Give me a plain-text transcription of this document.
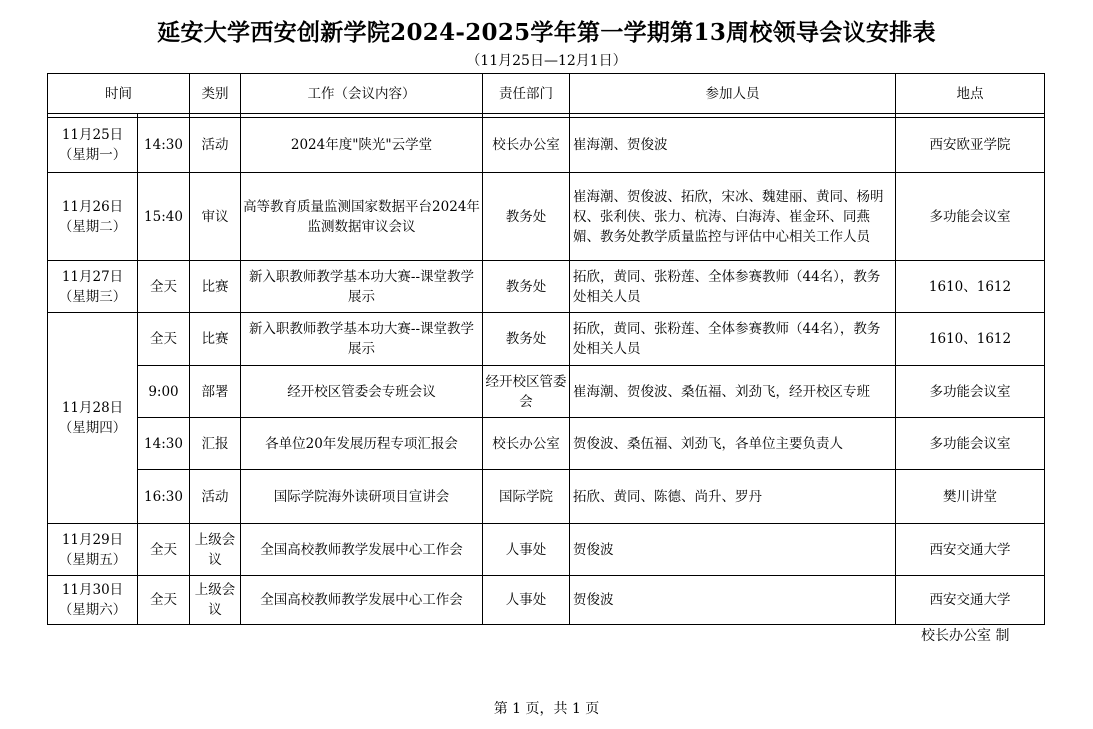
延安大学西安创新学院2024-2025学年第一学期第13周校领导会议安排表
（11月25日—12月1日）
时间		类别	工作（会议内容）	责任部门	参加人员	地点

11月25日
（星期一）	14:30	活动	2024年度"陕光"云学堂	校长办公室	崔海潮、贺俊波	西安欧亚学院

11月26日
（星期二）	15:40	审议	高等教育质量监测国家数据平台2024年监测数据审议会议	教务处	崔海潮、贺俊波、拓欣，宋冰、魏建丽、黄同、杨明权、张利侠、张力、杭涛、白海涛、崔金环、同燕媚、教务处教学质量监控与评估中心相关工作人员	多功能会议室

11月27日
（星期三）	全天	比赛	新入职教师教学基本功大赛--课堂教学展示	教务处	拓欣，黄同、张粉莲、全体参赛教师（44名），教务处相关人员	1610、1612

11月28日
（星期四）	全天	比赛	新入职教师教学基本功大赛--课堂教学展示	教务处	拓欣，黄同、张粉莲、全体参赛教师（44名），教务处相关人员	1610、1612
	9:00	部署	经开校区管委会专班会议	经开校区管委会	崔海潮、贺俊波、桑伍福、刘劲飞，经开校区专班	多功能会议室
	14:30	汇报	各单位20年发展历程专项汇报会	校长办公室	贺俊波、桑伍福、刘劲飞，各单位主要负责人	多功能会议室
	16:30	活动	国际学院海外读研项目宣讲会	国际学院	拓欣、黄同、陈德、尚升、罗丹	樊川讲堂

11月29日
（星期五）	全天	上级会议	全国高校教师教学发展中心工作会	人事处	贺俊波	西安交通大学

11月30日
（星期六）	全天	上级会议	全国高校教师教学发展中心工作会	人事处	贺俊波	西安交通大学
校长办公室 制
第 1 页，共 1 页
